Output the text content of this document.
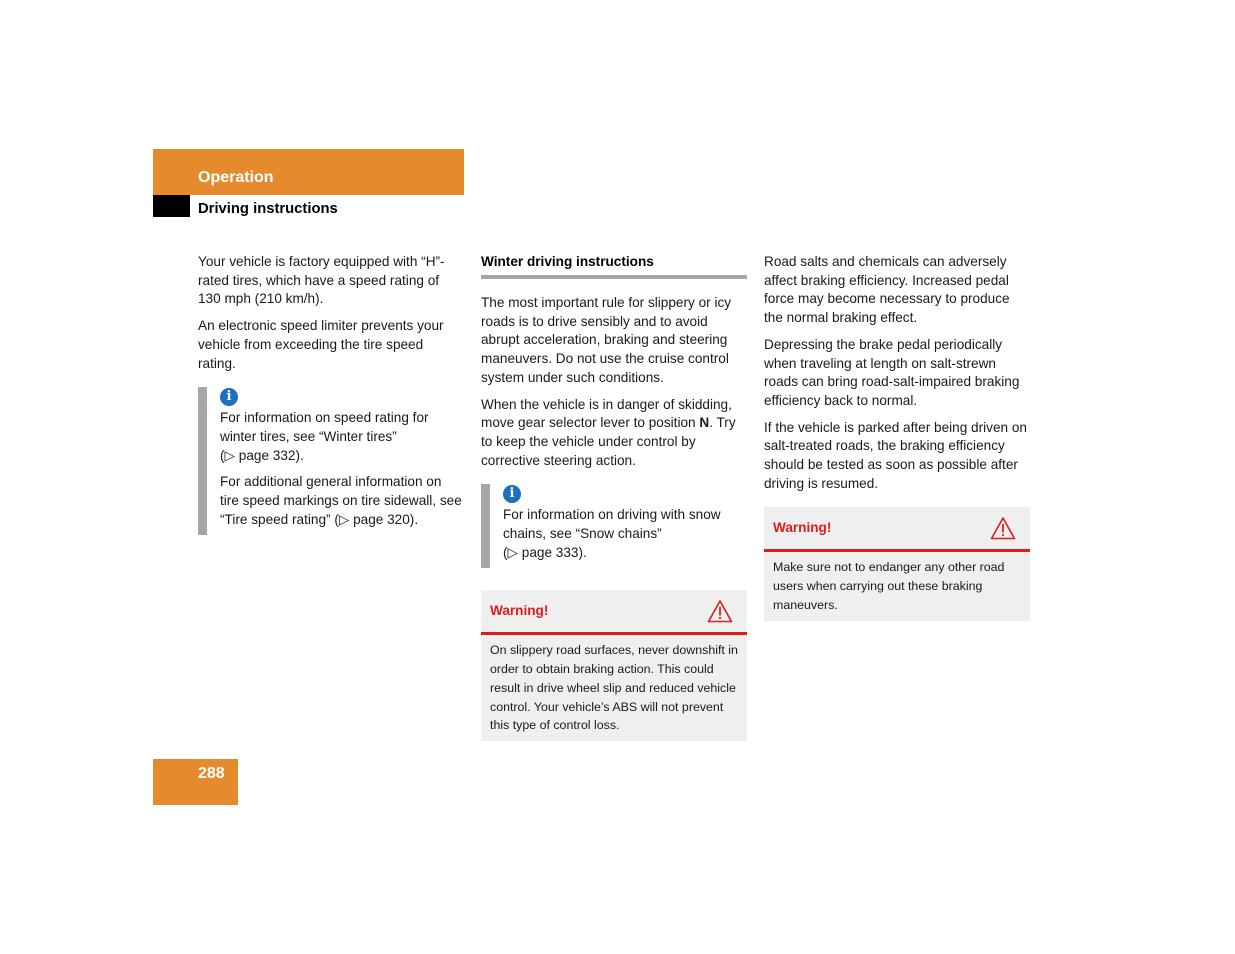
Operation
Driving instructions

Your vehicle is factory equipped with “H”-rated tires, which have a speed rating of 130 mph (210 km/h).

An electronic speed limiter prevents your vehicle from exceeding the tire speed rating.

i

For information on speed rating for winter tires, see “Winter tires”
(▷ page 332).

For additional general information on tire speed markings on tire sidewall, see “Tire speed rating” (▷ page 320).

Winter driving instructions

The most important rule for slippery or icy roads is to drive sensibly and to avoid abrupt acceleration, braking and steering maneuvers. Do not use the cruise control system under such conditions.

When the vehicle is in danger of skidding, move gear selector lever to position N. Try to keep the vehicle under control by corrective steering action.

i

For information on driving with snow chains, see “Snow chains”
(▷ page 333).

Warning!
On slippery road surfaces, never downshift in order to obtain braking action. This could result in drive wheel slip and reduced vehicle control. Your vehicle’s ABS will not prevent this type of control loss.

Road salts and chemicals can adversely affect braking efficiency. Increased pedal force may become necessary to produce the normal braking effect.

Depressing the brake pedal periodically when traveling at length on salt-strewn roads can bring road-salt-impaired braking efficiency back to normal.

If the vehicle is parked after being driven on salt-treated roads, the braking efficiency should be tested as soon as possible after driving is resumed.

Warning!
Make sure not to endanger any other road users when carrying out these braking maneuvers.
288
